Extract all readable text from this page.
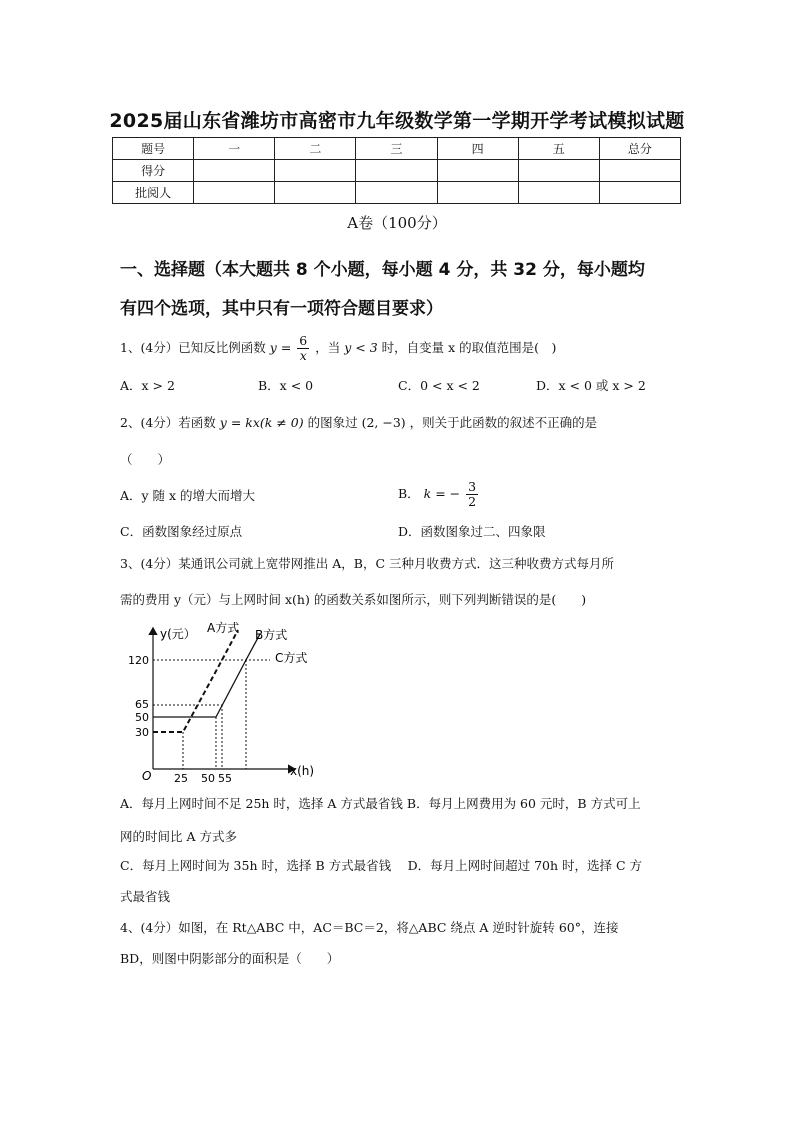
2025届山东省潍坊市高密市九年级数学第一学期开学考试模拟试题
题号	一	二	三	四	五	总分
得分						
批阅人						
A卷（100分）
一、选择题（本大题共 8 个小题，每小题 4 分，共 32 分，每小题均
有四个选项，其中只有一项符合题目要求）
1、(4分）已知反比例函数 $y = \frac{6}{x}$ ，当 y < 3 时，自变量 x 的取值范围是(　)
A．x > 2	B．x < 0	C．0 < x < 2	D．x < 0 或 x > 2
2、(4分）若函数 y = kx(k ≠ 0) 的图象过 (2, −3) ，则关于此函数的叙述不正确的是
（　　）
A．y 随 x 的增大而增大	B． k = − $\frac{3}{2}$
C．函数图象经过原点	D．函数图象过二、四象限
3、(4分）某通讯公司就上宽带网推出 A，B，C 三种月收费方式．这三种收费方式每月所
需的费用 y（元）与上网时间 x(h) 的函数关系如图所示，则下列判断错误的是(　　)
120
65
50
30
25 50 55
O
y(元）
x(h)
A方式 B方式
C方式
A．每月上网时间不足 25h 时，选择 A 方式最省钱 B．每月上网费用为 60 元时，B 方式可上
网的时间比 A 方式多
C．每月上网时间为 35h 时，选择 B 方式最省钱　 D．每月上网时间超过 70h 时，选择 C 方
式最省钱
4、(4分）如图，在 Rt△ABC 中，AC＝BC＝2，将△ABC 绕点 A 逆时针旋转 60°，连接
BD，则图中阴影部分的面积是（　　）
